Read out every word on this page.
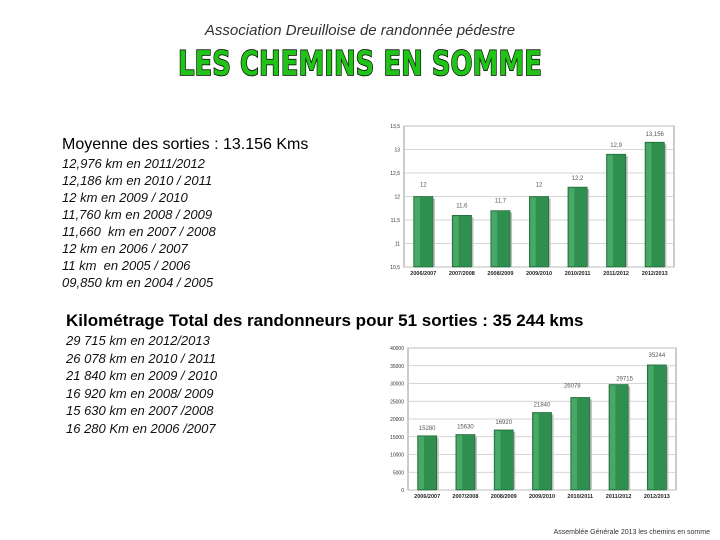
Association Dreuilloise de randonnée pédestre
LES CHEMINS EN SOMME
Moyenne des sorties : 13.156 Kms
12,976 km en 2011/2012
12,186 km en 2010 / 2011
12 km en 2009 / 2010
11,760 km en 2008 / 2009
11,660  km en 2007 / 2008
12 km en 2006 / 2007
11 km  en 2005 / 2006
09,850 km en 2004 / 2005
13,5
13
12,5
12
11,5
11
10,5
12
2006/2007
11,6
2007/2008
11,7
2008/2009
12
2009/2010
12,2
2010/2011
12,9
2011/2012
13,156
2012/2013
Kilométrage Total des randonneurs pour 51 sorties : 35 244 kms
29 715 km en 2012/2013
26 078 km en 2010 / 2011
21 840 km en 2009 / 2010
16 920 km en 2008/ 2009
15 630 km en 2007 /2008
16 280 Km en 2006 /2007
40000
35000
30000
25000
20000
15000
10000
5000
0
15280
2006/2007
15630
2007/2008
16920
2008/2009
21840
2009/2010
26078
2010/2011
29715
2011/2012
35244
2012/2013
Assemblée Générale 2013 les chemins en somme
